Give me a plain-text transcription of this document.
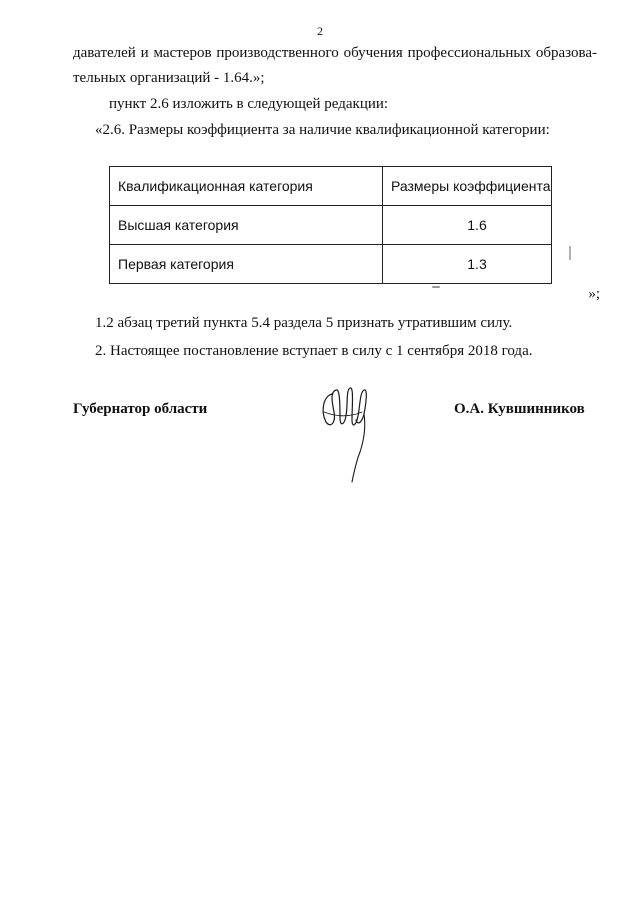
2
давателей и мастеров производственного обучения профессиональных образова-
тельных организаций - 1.64.»;
пункт 2.6 изложить в следующей редакции:
«2.6. Размеры коэффициента за наличие квалификационной категории:
Квалификационная категория	Размеры коэффициента
Высшая категория	1.6
Первая категория	1.3
»;
1.2 абзац третий пункта 5.4 раздела 5 признать утратившим силу.
2. Настоящее постановление вступает в силу с 1 сентября 2018 года.
Губернатор области	О.А. Кувшинников
